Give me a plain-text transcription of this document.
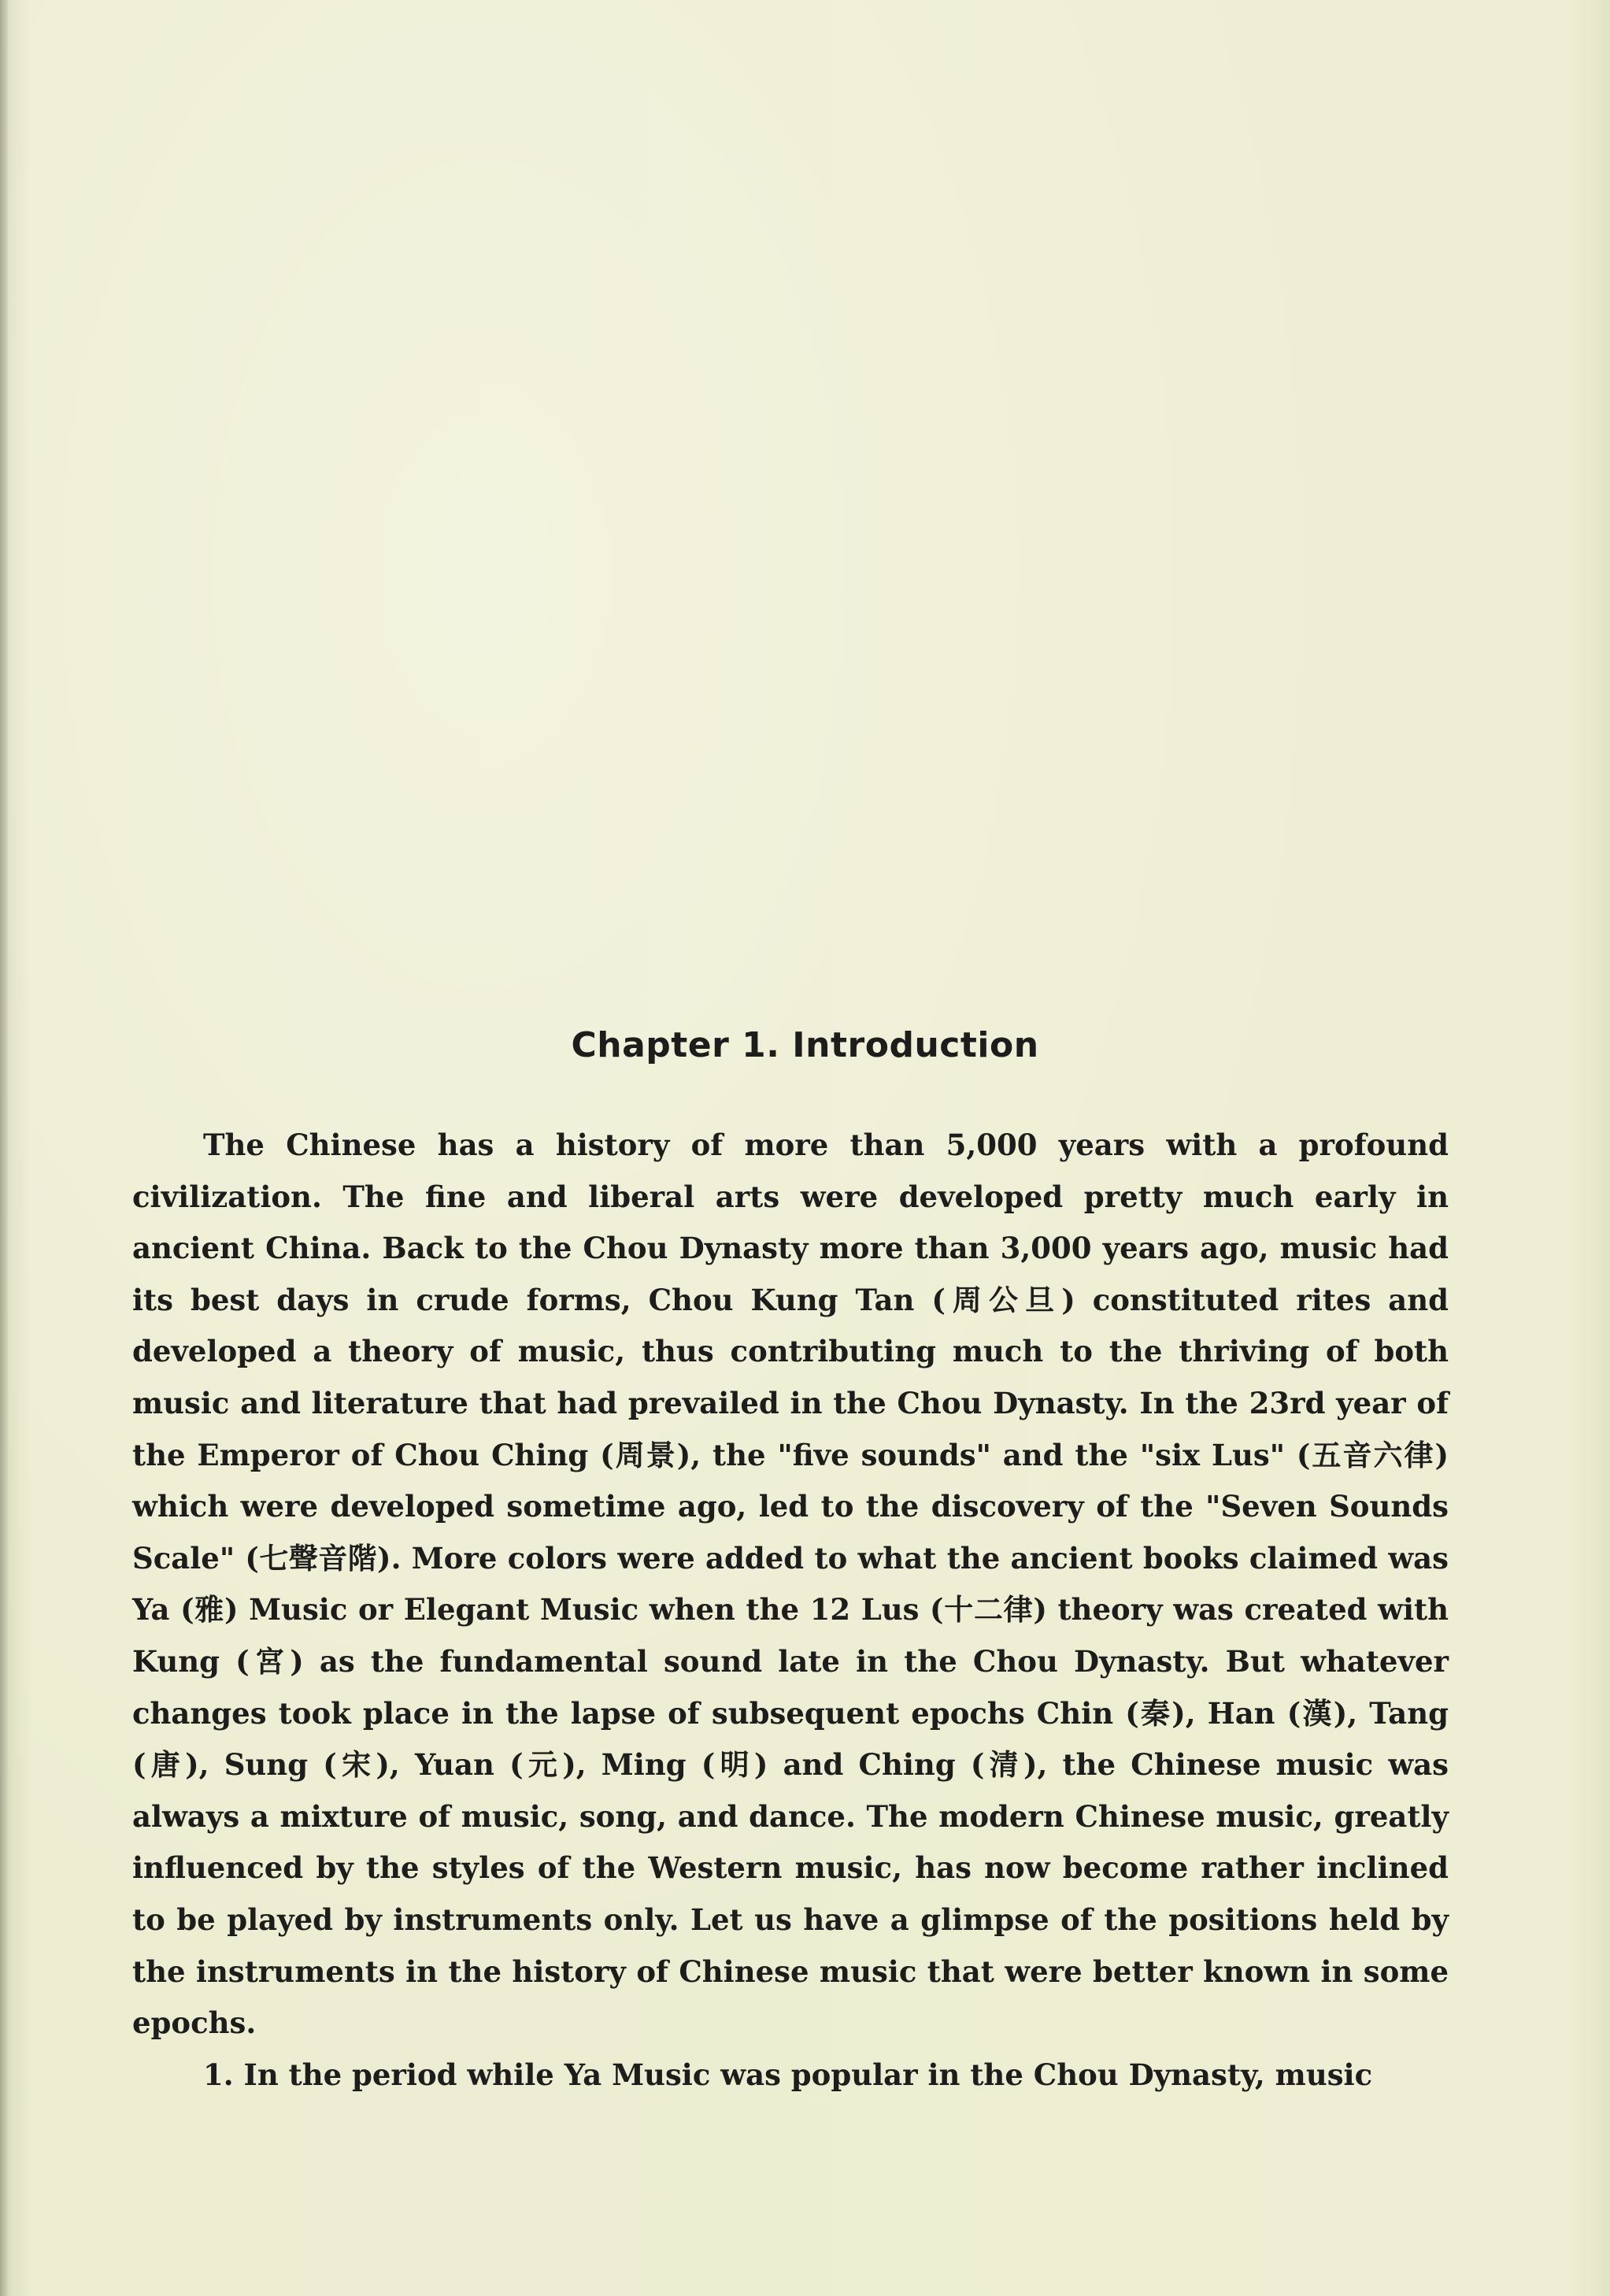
Chapter 1. Introduction

The Chinese has a history of more than 5,000 years with a profound civilization. The fine and liberal arts were developed pretty much early in ancient China. Back to the Chou Dynasty more than 3,000 years ago, music had its best days in crude forms, Chou Kung Tan (周公旦) constituted rites and developed a theory of music, thus contributing much to the thriving of both music and literature that had prevailed in the Chou Dynasty. In the 23rd year of the Emperor of Chou Ching (周景), the "five sounds" and the "six Lus" (五音六律) which were developed sometime ago, led to the discovery of the "Seven Sounds Scale" (七聲音階). More colors were added to what the ancient books claimed was Ya (雅) Music or Elegant Music when the 12 Lus (十二律) theory was created with Kung (宮) as the fundamental sound late in the Chou Dynasty. But whatever changes took place in the lapse of subsequent epochs Chin (秦), Han (漢), Tang (唐), Sung (宋), Yuan (元), Ming (明) and Ching (清), the Chinese music was always a mixture of music, song, and dance. The modern Chinese music, greatly influenced by the styles of the Western music, has now become rather inclined to be played by instruments only. Let us have a glimpse of the positions held by the instruments in the history of Chinese music that were better known in some epochs.

1. In the period while Ya Music was popular in the Chou Dynasty, music
